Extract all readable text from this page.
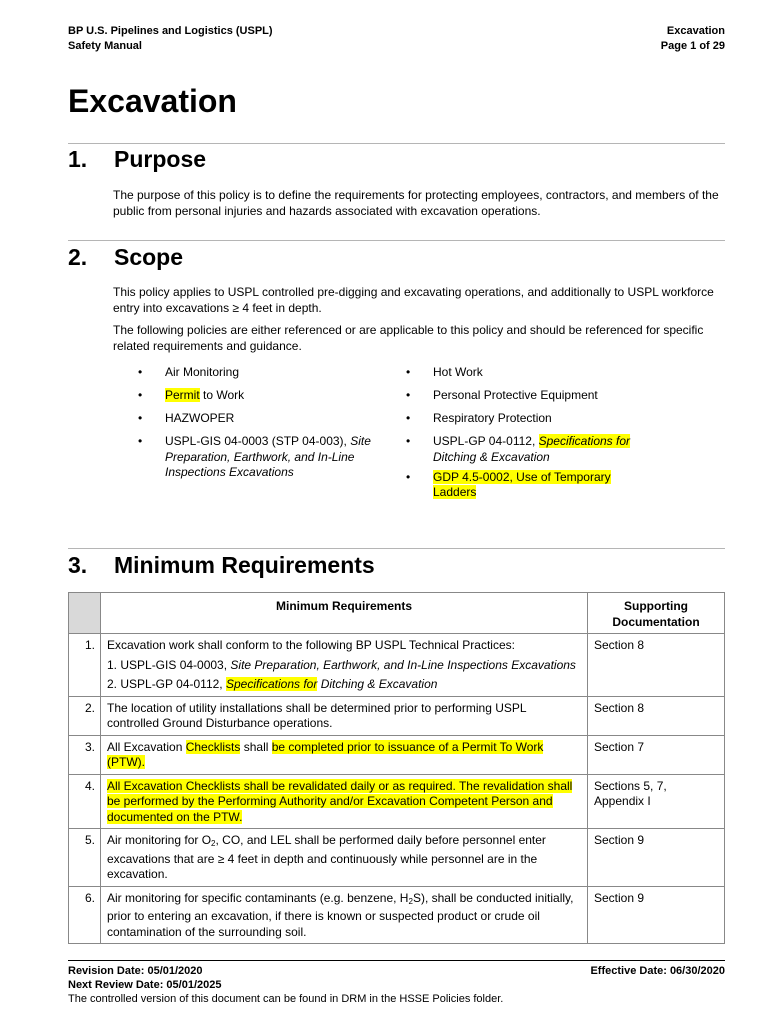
BP U.S. Pipelines and Logistics (USPL)
Safety Manual
Excavation
Page 1 of 29
Excavation
1. Purpose
The purpose of this policy is to define the requirements for protecting employees, contractors, and members of the public from personal injuries and hazards associated with excavation operations.
2. Scope
This policy applies to USPL controlled pre-digging and excavating operations, and additionally to USPL workforce entry into excavations ≥ 4 feet in depth.
The following policies are either referenced or are applicable to this policy and should be referenced for specific related requirements and guidance.
• Air Monitoring
• Permit to Work
• HAZWOPER
• USPL-GIS 04-0003 (STP 04-003), Site Preparation, Earthwork, and In-Line Inspections Excavations
• Hot Work
• Personal Protective Equipment
• Respiratory Protection
• USPL-GP 04-0112, Specifications for Ditching & Excavation
• GDP 4.5-0002, Use of Temporary Ladders
3. Minimum Requirements
	Minimum Requirements	Supporting Documentation
1.	Excavation work shall conform to the following BP USPL Technical Practices:
1. USPL-GIS 04-0003, Site Preparation, Earthwork, and In-Line Inspections Excavations
2. USPL-GP 04-0112, Specifications for Ditching & Excavation	Section 8
2.	The location of utility installations shall be determined prior to performing USPL controlled Ground Disturbance operations.	Section 8
3.	All Excavation Checklists shall be completed prior to issuance of a Permit To Work (PTW).	Section 7
4.	All Excavation Checklists shall be revalidated daily or as required. The revalidation shall be performed by the Performing Authority and/or Excavation Competent Person and documented on the PTW.	Sections 5, 7, Appendix I
5.	Air monitoring for $O_2$, CO, and LEL shall be performed daily before personnel enter excavations that are ≥ 4 feet in depth and continuously while personnel are in the excavation.	Section 9
6.	Air monitoring for specific contaminants (e.g. benzene, $H_2S$), shall be conducted initially, prior to entering an excavation, if there is known or suspected product or crude oil contamination of the surrounding soil.	Section 9
Revision Date: 05/01/2020
Next Review Date: 05/01/2025
The controlled version of this document can be found in DRM in the HSSE Policies folder.
Effective Date: 06/30/2020
